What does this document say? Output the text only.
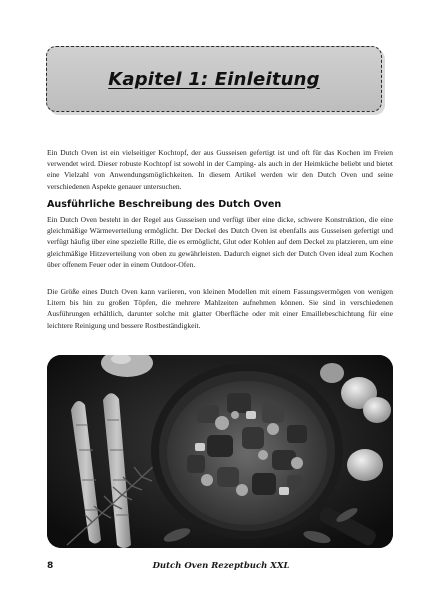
Kapitel 1: Einleitung

Ein Dutch Oven ist ein vielseitiger Kochtopf, der aus Gusseisen gefertigt ist und oft für das Kochen im Freien verwendet wird. Dieser robuste Kochtopf ist sowohl in der Camping- als auch in der Heimküche beliebt und bietet eine Vielzahl von Anwendungsmöglichkeiten. In diesem Artikel werden wir den Dutch Oven und seine verschiedenen Aspekte genauer untersuchen.

Ausführliche Beschreibung des Dutch Oven

Ein Dutch Oven besteht in der Regel aus Gusseisen und verfügt über eine dicke, schwere Konstruktion, die eine gleichmäßige Wärmeverteilung ermöglicht. Der Deckel des Dutch Oven ist ebenfalls aus Gusseisen gefertigt und verfügt häufig über eine spezielle Rille, die es ermöglicht, Glut oder Kohlen auf dem Deckel zu platzieren, um eine gleichmäßige Hitzeverteilung von oben zu gewährleisten. Dadurch eignet sich der Dutch Oven ideal zum Kochen über offenem Feuer oder in einem Outdoor-Ofen.

Die Größe eines Dutch Oven kann variieren, von kleinen Modellen mit einem Fassungsvermögen von wenigen Litern bis hin zu großen Töpfen, die mehrere Mahlzeiten aufnehmen können. Sie sind in verschiedenen Ausführungen erhältlich, darunter solche mit glatter Oberfläche oder mit einer Emaillebeschichtung für eine leichtere Reinigung und bessere Rostbeständigkeit.

8	Dutch Oven Rezeptbuch XXL
